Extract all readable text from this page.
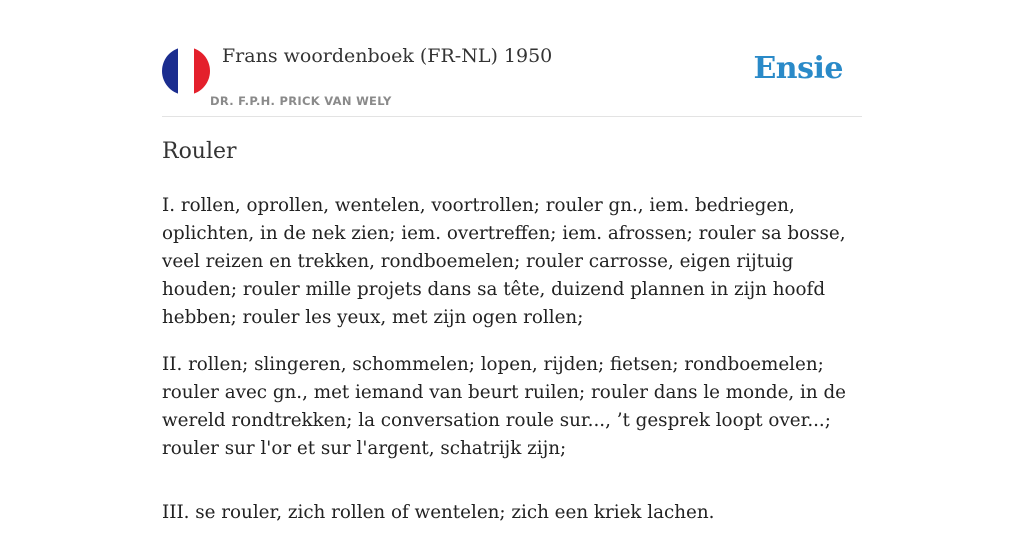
Frans woordenboek (FR-NL) 1950
DR. F.P.H. PRICK VAN WELY
Ensie
Rouler

I. rollen, oprollen, wentelen, voortrollen; rouler gn., iem. bedriegen, oplichten, in de nek zien; iem. overtreffen; iem. afrossen; rouler sa bosse, veel reizen en trekken, rondboemelen; rouler carrosse, eigen rijtuig houden; rouler mille projets dans sa tête, duizend plannen in zijn hoofd hebben; rouler les yeux, met zijn ogen rollen;

II. rollen; slingeren, schommelen; lopen, rijden; fietsen; rondboemelen; rouler avec gn., met iemand van beurt ruilen; rouler dans le monde, in de wereld rondtrekken; la conversation roule sur..., ’t gesprek loopt over...; rouler sur l'or et sur l'argent, schatrijk zijn;

III. se rouler, zich rollen of wentelen; zich een kriek lachen.
